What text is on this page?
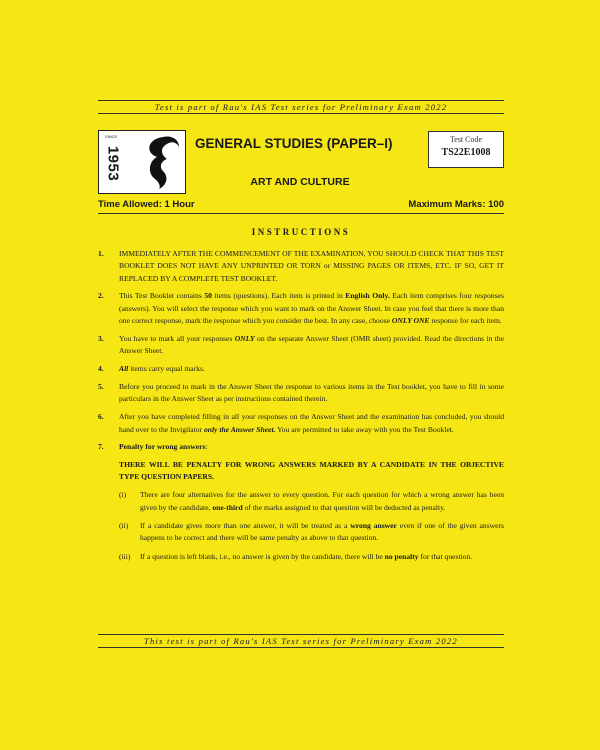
Test is part of Rau's IAS Test series for Preliminary Exam 2022
SINCE
1953
GENERAL STUDIES (PAPER–I)
ART AND CULTURE
Test Code
TS22E1008
Time Allowed: 1 Hour	Maximum Marks: 100
INSTRUCTIONS
1. IMMEDIATELY AFTER THE COMMENCEMENT OF THE EXAMINATION, YOU SHOULD CHECK THAT THIS TEST BOOKLET DOES NOT HAVE ANY UNPRINTED OR TORN or MISSING PAGES OR ITEMS, ETC. IF SO, GET IT REPLACED BY A COMPLETE TEST BOOKLET.
2. This Test Booklet contains 50 items (questions). Each item is printed in English Only. Each item comprises four responses (answers). You will select the response which you want to mark on the Answer Sheet. In case you feel that there is more than one correct response, mark the response which you consider the best. In any case, choose ONLY ONE response for each item.
3. You have to mark all your responses ONLY on the separate Answer Sheet (OMR sheet) provided. Read the directions in the Answer Sheet.
4. All items carry equal marks.
5. Before you proceed to mark in the Answer Sheet the response to various items in the Test booklet, you have to fill in some particulars in the Answer Sheet as per instructions contained therein.
6. After you have completed filling in all your responses on the Answer Sheet and the examination has concluded, you should hand over to the Invigilator only the Answer Sheet. You are permitted to take away with you the Test Booklet.
7. Penalty for wrong answers:
THERE WILL BE PENALTY FOR WRONG ANSWERS MARKED BY A CANDIDATE IN THE OBJECTIVE TYPE QUESTION PAPERS.
(i) There are four alternatives for the answer to every question. For each question for which a wrong answer has been given by the candidate, one-third of the marks assigned to that question will be deducted as penalty.
(ii) If a candidate gives more than one answer, it will be treated as a wrong answer even if one of the given answers happens to be correct and there will be same penalty as above to that question.
(iii) If a question is left blank, i.e., no answer is given by the candidate, there will be no penalty for that question.
This test is part of Rau's IAS Test series for Preliminary Exam 2022
